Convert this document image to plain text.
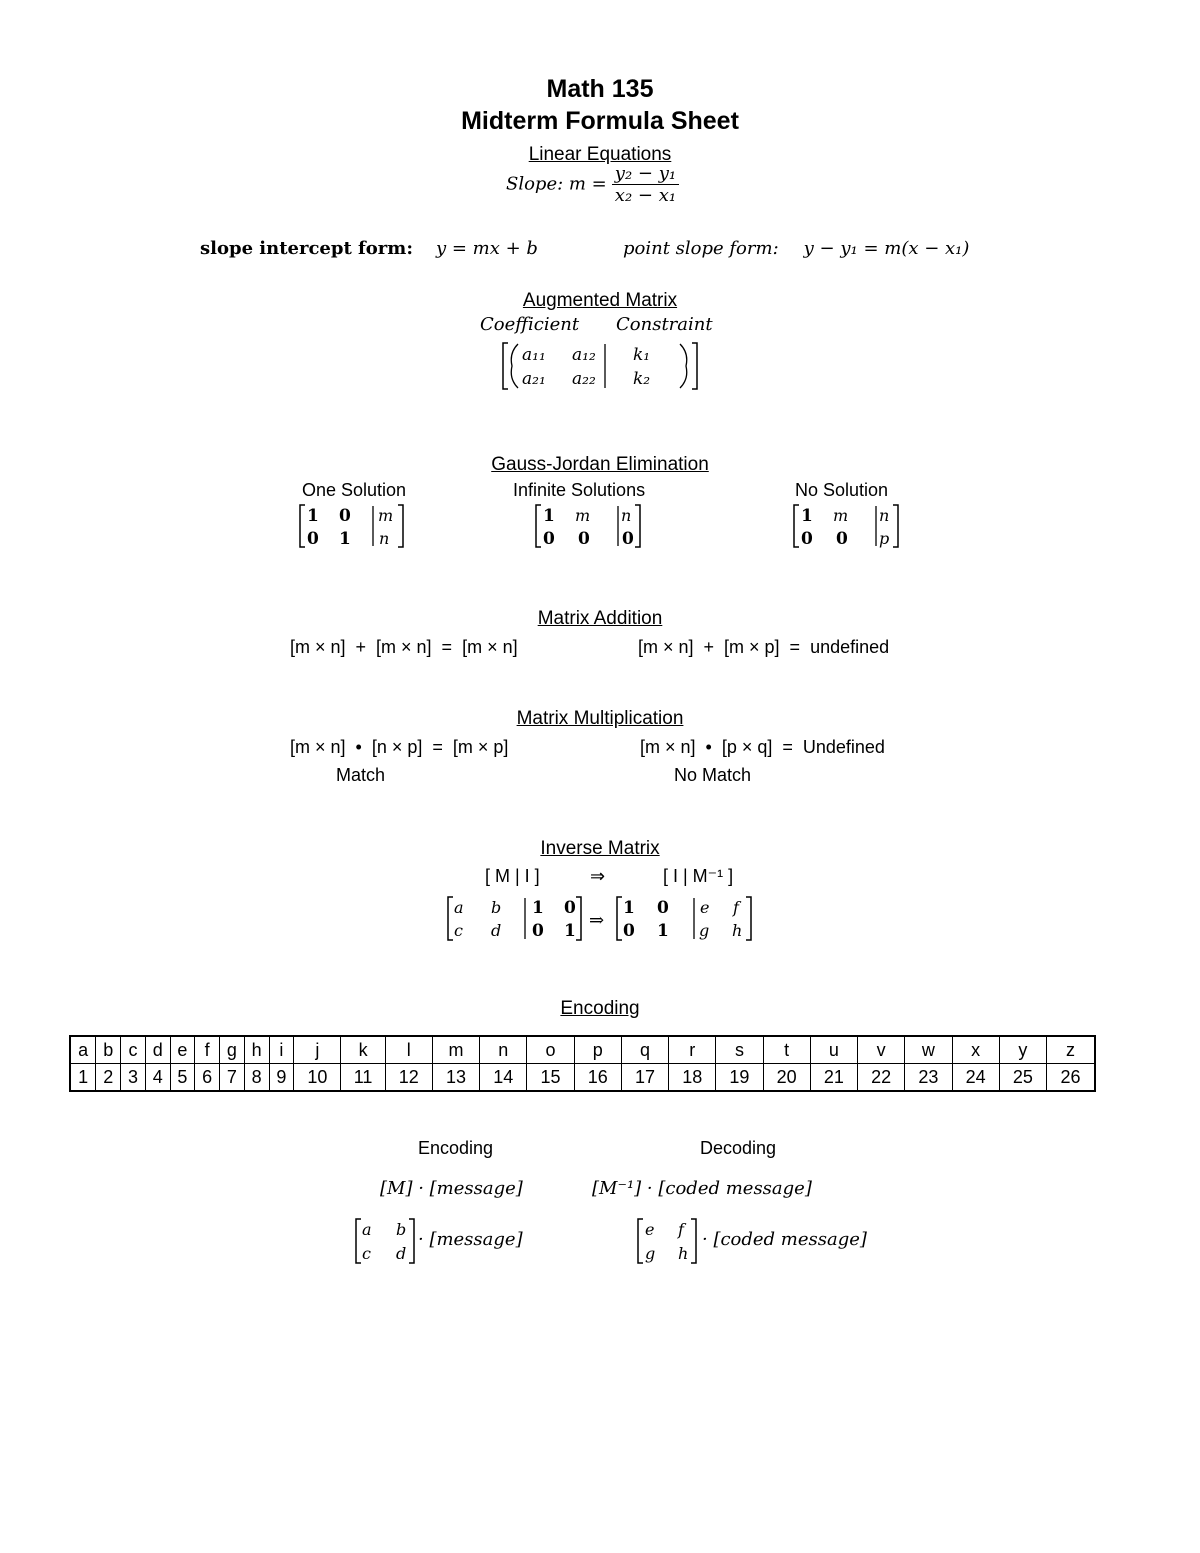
Math 135
Midterm Formula Sheet
Linear Equations
Slope: $m = \frac{\text{y₂ − y₁}}{\text{x₂ − x₁}}$
slope intercept form: y = mx + b	point slope form: y − y₁ = m(x − x₁)
Augmented Matrix
Coefficient Constraint
a₁₁ a₁₂ k₁
a₂₁ a₂₂ k₂
Gauss-Jordan Elimination
One Solution	Infinite Solutions	No Solution
1 0 m
0 1 n
1 m n
0 0 0
1 m n
0 0 p
Matrix Addition
[m × n]  +  [m × n]  =  [m × n]	[m × n]  +  [m × p]  =  undefined
Matrix Multiplication
[m × n]  •  [n × p]  =  [m × p]	[m × n]  •  [p × q]  =  Undefined
Match	No Match
Inverse Matrix
[ M | I ]	⇒	[ I | M⁻¹ ]
a b 1 0
c d 0 1 ⇒
1 0 e f
0 1 g h
Encoding
a	b	c	d	e	f	g	h	i	j	k	l	m	n	o	p	q	r	s	t	u	v	w	x	y	z
1	2	3	4	5	6	7	8	9	10	11	12	13	14	15	16	17	18	19	20	21	22	23	24	25	26
Encoding	Decoding
[M] · [message]	[M⁻¹] · [coded message]
a b
c d
· [message]	e f
g h
· [coded message]
